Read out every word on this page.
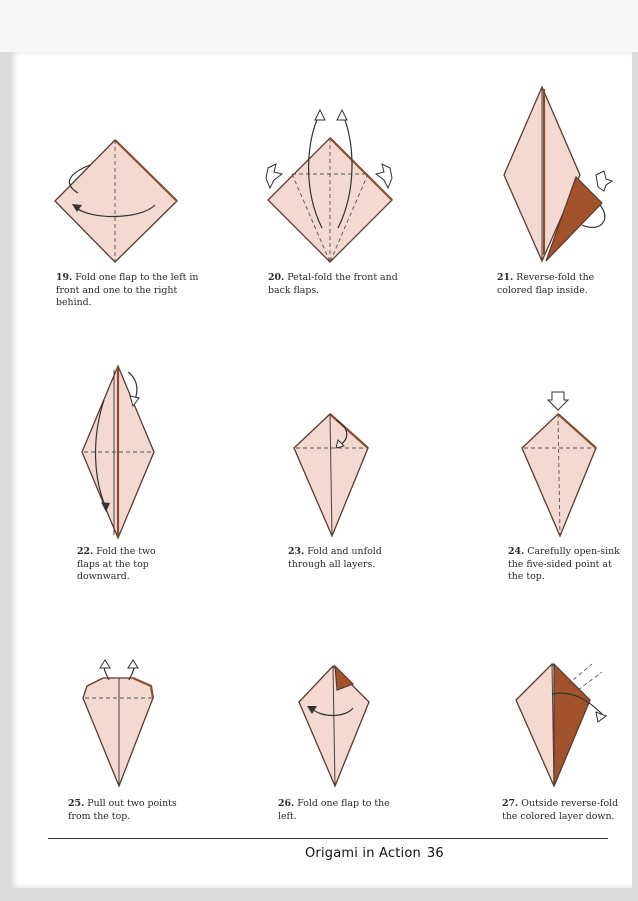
19. Fold one flap to the left in front and one to the right behind.
20. Petal-fold the front and back flaps.
21. Reverse-fold the colored flap inside.
22. Fold the two flaps at the top downward.
23. Fold and unfold through all layers.
24. Carefully open-sink the five-sided point at the top.
25. Pull out two points from the top.
26. Fold one flap to the left.
27. Outside reverse-fold the colored layer down.
Origami in Action 36
